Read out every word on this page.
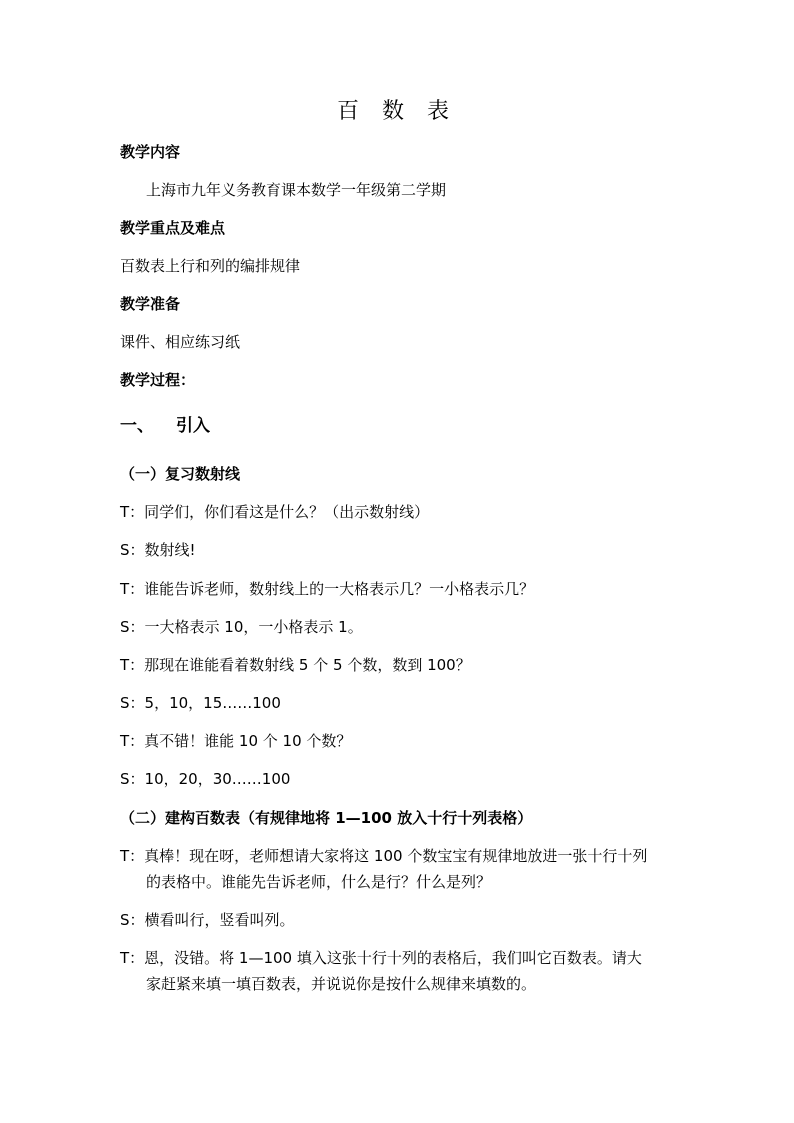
百 数 表
教学内容
上海市九年义务教育课本数学一年级第二学期
教学重点及难点
百数表上行和列的编排规律
教学准备
课件、相应练习纸
教学过程：
一、 引入
（一）复习数射线
T：同学们，你们看这是什么？（出示数射线）
S：数射线!
T：谁能告诉老师，数射线上的一大格表示几？一小格表示几？
S：一大格表示 10，一小格表示 1。
T：那现在谁能看着数射线 5 个 5 个数，数到 100？
S：5，10，15……100
T：真不错！谁能 10 个 10 个数？
S：10，20，30……100
（二）建构百数表（有规律地将 1—100 放入十行十列表格）
T：真棒！现在呀，老师想请大家将这 100 个数宝宝有规律地放进一张十行十列
的表格中。谁能先告诉老师，什么是行？什么是列？
S：横看叫行，竖看叫列。
T：恩，没错。将 1—100 填入这张十行十列的表格后，我们叫它百数表。请大
家赶紧来填一填百数表，并说说你是按什么规律来填数的。
